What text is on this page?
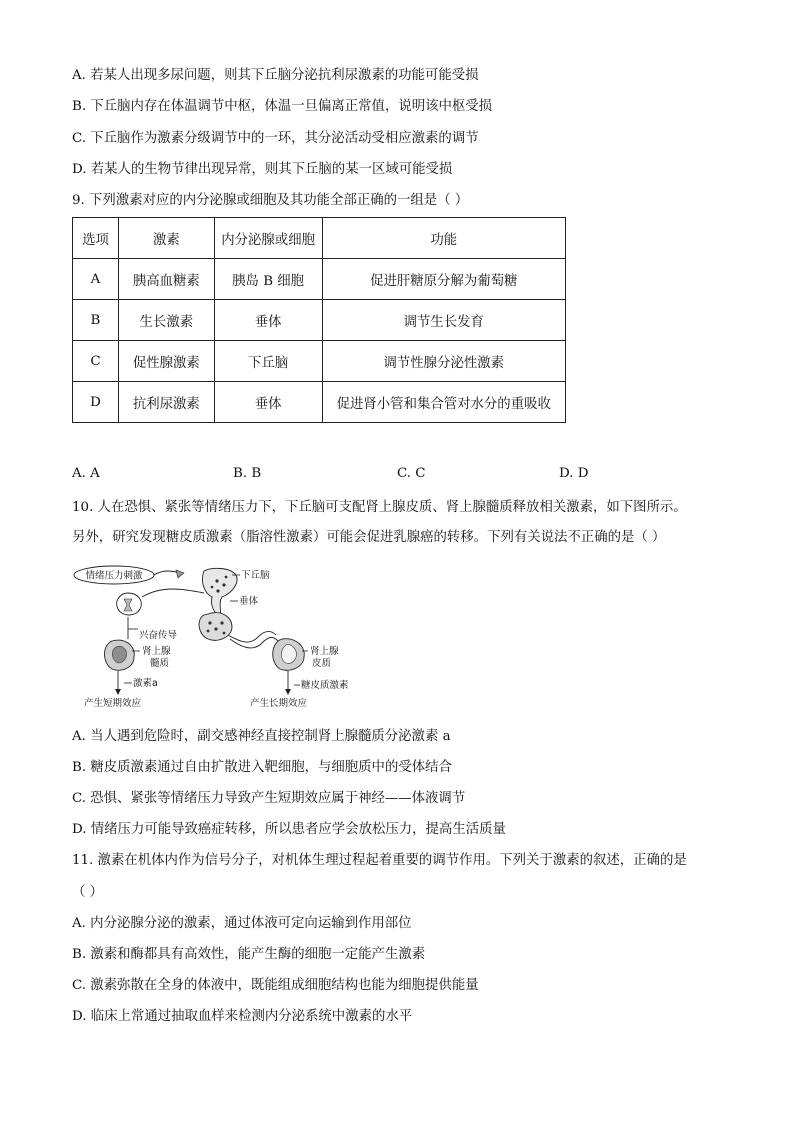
A. 若某人出现多尿问题，则其下丘脑分泌抗利尿激素的功能可能受损
B. 下丘脑内存在体温调节中枢，体温一旦偏离正常值，说明该中枢受损
C. 下丘脑作为激素分级调节中的一环，其分泌活动受相应激素的调节
D. 若某人的生物节律出现异常，则其下丘脑的某一区域可能受损
9. 下列激素对应的内分泌腺或细胞及其功能全部正确的一组是（ ）
选项	激素	内分泌腺或细胞	功能
A	胰高血糖素	胰岛 B 细胞	促进肝糖原分解为葡萄糖
B	生长激素	垂体	调节生长发育
C	促性腺激素	下丘脑	调节性腺分泌性激素
D	抗利尿激素	垂体	促进肾小管和集合管对水分的重吸收
A. A	B. B	C. C	D. D
10. 人在恐惧、紧张等情绪压力下，下丘脑可支配肾上腺皮质、肾上腺髓质释放相关激素，如下图所示。
另外，研究发现糖皮质激素（脂溶性激素）可能会促进乳腺癌的转移。下列有关说法不正确的是（ ）
情绪压力刺激	下丘脑
垂体
兴奋传导
肾上腺
髓质
激素a
产生短期效应
肾上腺
皮质
糖皮质激素
产生长期效应
A. 当人遇到危险时，副交感神经直接控制肾上腺髓质分泌激素 a
B. 糖皮质激素通过自由扩散进入靶细胞，与细胞质中的受体结合
C. 恐惧、紧张等情绪压力导致产生短期效应属于神经——体液调节
D. 情绪压力可能导致癌症转移，所以患者应学会放松压力，提高生活质量
11. 激素在机体内作为信号分子，对机体生理过程起着重要的调节作用。下列关于激素的叙述，正确的是
（ ）
A. 内分泌腺分泌的激素，通过体液可定向运输到作用部位
B. 激素和酶都具有高效性，能产生酶的细胞一定能产生激素
C. 激素弥散在全身的体液中，既能组成细胞结构也能为细胞提供能量
D. 临床上常通过抽取血样来检测内分泌系统中激素的水平
